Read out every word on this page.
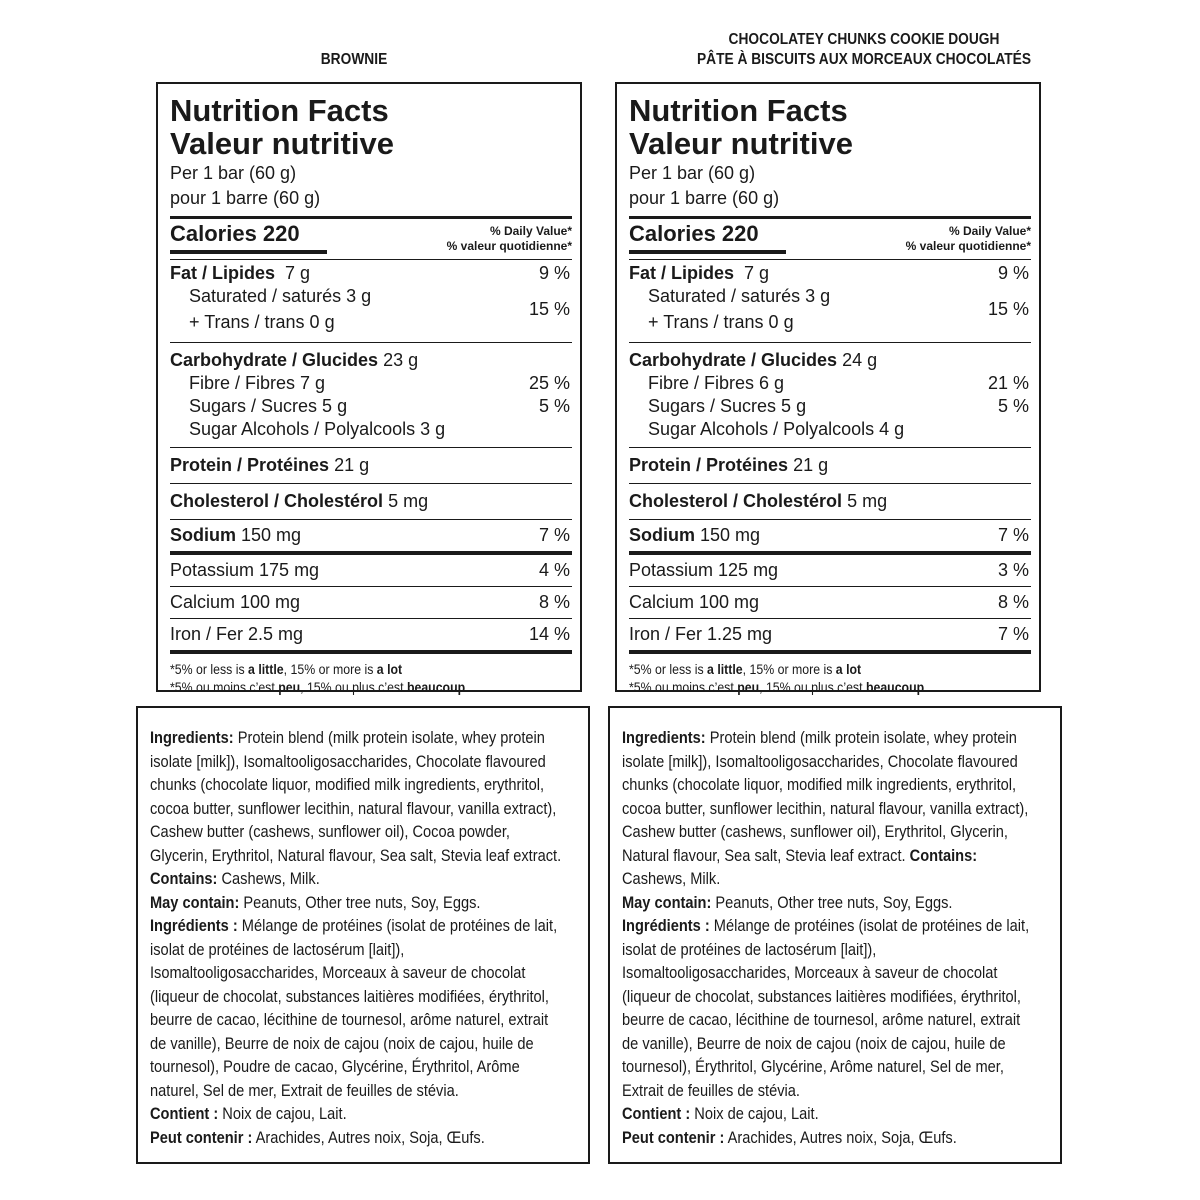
BROWNIE
CHOCOLATEY CHUNKS COOKIE DOUGH
PÂTE À BISCUITS AUX MORCEAUX CHOCOLATÉS
Nutrition Facts
Valeur nutritive
Per 1 bar (60 g)
pour 1 barre (60 g)
Calories 220	% Daily Value*
% valeur quotidienne*
Fat / Lipides 7 g	9 %
Saturated / saturés 3 g
+ Trans / trans 0 g
15 %
Carbohydrate / Glucides 23 g
Fibre / Fibres 7 g	25 %
Sugars / Sucres 5 g	5 %
Sugar Alcohols / Polyalcools 3 g
Protein / Protéines 21 g
Cholesterol / Cholestérol 5 mg
Sodium 150 mg	7 %
Potassium 175 mg	4 %
Calcium 100 mg	8 %
Iron / Fer 2.5 mg	14 %
*5% or less is a little, 15% or more is a lot
*5% ou moins c’est peu, 15% ou plus c’est beaucoup
Nutrition Facts
Valeur nutritive
Per 1 bar (60 g)
pour 1 barre (60 g)
Calories 220	% Daily Value*
% valeur quotidienne*
Fat / Lipides 7 g	9 %
Saturated / saturés 3 g
+ Trans / trans 0 g
15 %
Carbohydrate / Glucides 24 g
Fibre / Fibres 6 g	21 %
Sugars / Sucres 5 g	5 %
Sugar Alcohols / Polyalcools 4 g
Protein / Protéines 21 g
Cholesterol / Cholestérol 5 mg
Sodium 150 mg	7 %
Potassium 125 mg	3 %
Calcium 100 mg	8 %
Iron / Fer 1.25 mg	7 %
*5% or less is a little, 15% or more is a lot
*5% ou moins c’est peu, 15% ou plus c’est beaucoup

Ingredients: Protein blend (milk protein isolate, whey protein isolate [milk]), Isomaltooligosaccharides, Chocolate flavoured chunks (chocolate liquor, modified milk ingredients, erythritol, cocoa butter, sunflower lecithin, natural flavour, vanilla extract), Cashew butter (cashews, sunflower oil), Cocoa powder, Glycerin, Erythritol, Natural flavour, Sea salt, Stevia leaf extract. Contains: Cashews, Milk.

May contain: Peanuts, Other tree nuts, Soy, Eggs.

Ingrédients : Mélange de protéines (isolat de protéines de lait, isolat de protéines de lactosérum [lait]), Isomaltooligosaccharides, Morceaux à saveur de chocolat (liqueur de chocolat, substances laitières modifiées, érythritol, beurre de cacao, lécithine de tournesol, arôme naturel, extrait de vanille), Beurre de noix de cajou (noix de cajou, huile de tournesol), Poudre de cacao, Glycérine, Érythritol, Arôme naturel, Sel de mer, Extrait de feuilles de stévia.

Contient : Noix de cajou, Lait.

Peut contenir : Arachides, Autres noix, Soja, Œufs.

Ingredients: Protein blend (milk protein isolate, whey protein isolate [milk]), Isomaltooligosaccharides, Chocolate flavoured chunks (chocolate liquor, modified milk ingredients, erythritol, cocoa butter, sunflower lecithin, natural flavour, vanilla extract), Cashew butter (cashews, sunflower oil), Erythritol, Glycerin, Natural flavour, Sea salt, Stevia leaf extract. Contains: Cashews, Milk.

May contain: Peanuts, Other tree nuts, Soy, Eggs.

Ingrédients : Mélange de protéines (isolat de protéines de lait, isolat de protéines de lactosérum [lait]), Isomaltooligosaccharides, Morceaux à saveur de chocolat (liqueur de chocolat, substances laitières modifiées, érythritol, beurre de cacao, lécithine de tournesol, arôme naturel, extrait de vanille), Beurre de noix de cajou (noix de cajou, huile de tournesol), Érythritol, Glycérine, Arôme naturel, Sel de mer, Extrait de feuilles de stévia.

Contient : Noix de cajou, Lait.

Peut contenir : Arachides, Autres noix, Soja, Œufs.
